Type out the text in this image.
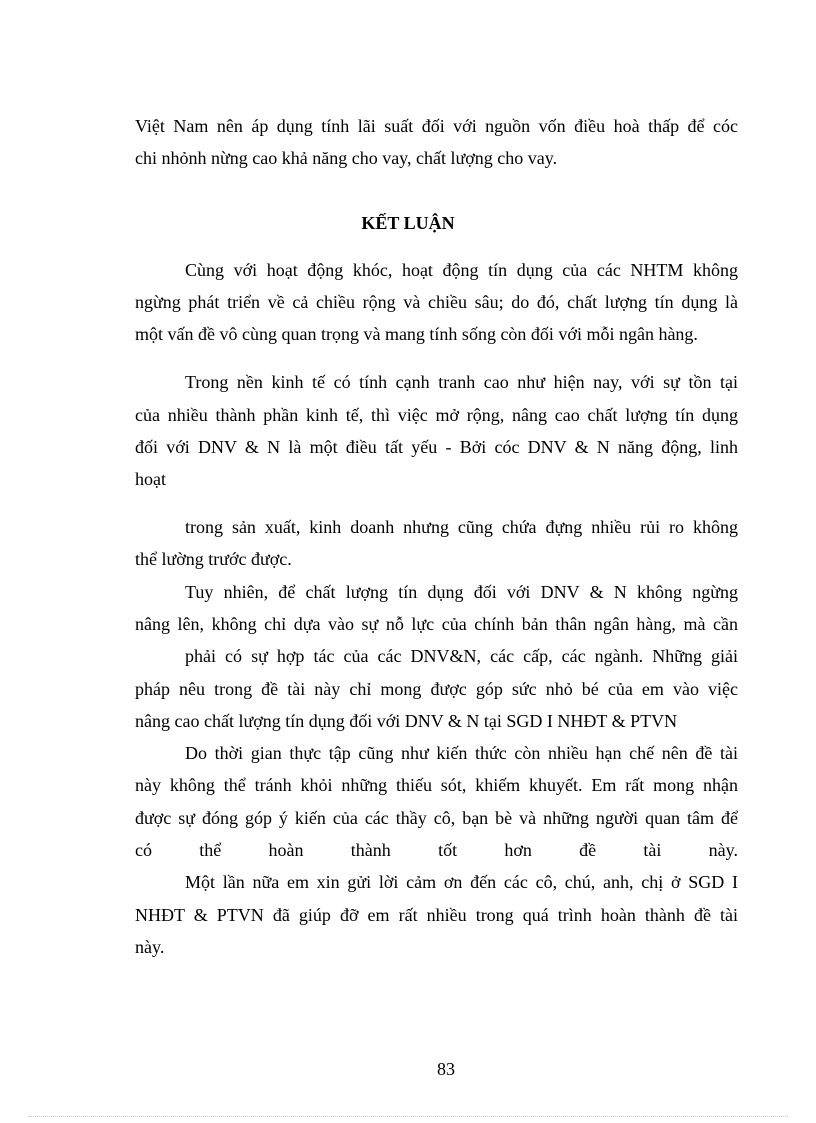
Việt Nam nên áp dụng tính lãi suất đối với nguồn vốn điều hoà thấp để cóc
chi nhỏnh nừng cao khả năng cho vay, chất lượng cho vay.
KẾT LUẬN
Cùng với hoạt động khóc, hoạt động tín dụng của các NHTM không
ngừng phát triển về cả chiều rộng và chiều sâu; do đó, chất lượng tín dụng là
một vấn đề vô cùng quan trọng và mang tính sống còn đối với mỗi ngân hàng.
Trong nền kinh tế có tính cạnh tranh cao như hiện nay, với sự tồn tại
của nhiều thành phần kinh tế, thì việc mở rộng, nâng cao chất lượng tín dụng
đối với DNV & N là một điều tất yếu - Bởi cóc DNV & N năng động, linh
hoạt
trong sản xuất, kinh doanh nhưng cũng chứa đựng nhiều rủi ro không
thể lường trước được.
Tuy nhiên, để chất lượng tín dụng đối với DNV & N không ngừng
nâng lên, không chỉ dựa vào sự nỗ lực của chính bản thân ngân hàng, mà cần
phải có sự hợp tác của các DNV&N, các cấp, các ngành. Những giải
pháp nêu trong đề tài này chỉ mong được góp sức nhỏ bé của em vào việc
nâng cao chất lượng tín dụng đối với DNV & N tại SGD I NHĐT & PTVN
Do thời gian thực tập cũng như kiến thức còn nhiều hạn chế nên đề tài
này không thể tránh khỏi những thiếu sót, khiếm khuyết. Em rất mong nhận
được sự đóng góp ý kiến của các thầy cô, bạn bè và những người quan tâm để
có thể hoàn thành tốt hơn đề tài này.
Một lần nữa em xin gửi lời cảm ơn đến các cô, chú, anh, chị ở SGD I
NHĐT & PTVN đã giúp đỡ em rất nhiều trong quá trình hoàn thành đề tài
này.
83
